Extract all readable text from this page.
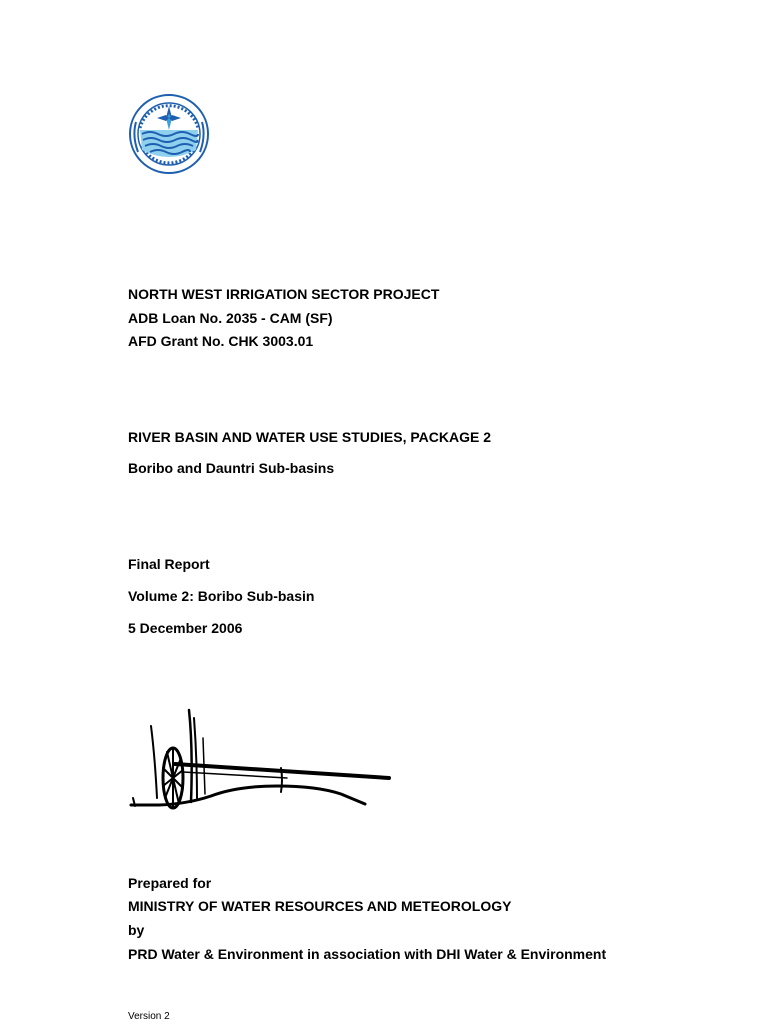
NORTH WEST IRRIGATION SECTOR PROJECT
ADB Loan No. 2035 - CAM (SF)
AFD Grant No. CHK 3003.01
RIVER BASIN AND WATER USE STUDIES, PACKAGE 2
Boribo and Dauntri Sub-basins
Final Report
Volume 2: Boribo Sub-basin
5 December 2006
Prepared for
MINISTRY OF WATER RESOURCES AND METEOROLOGY
by
PRD Water & Environment in association with DHI Water & Environment
Version 2
